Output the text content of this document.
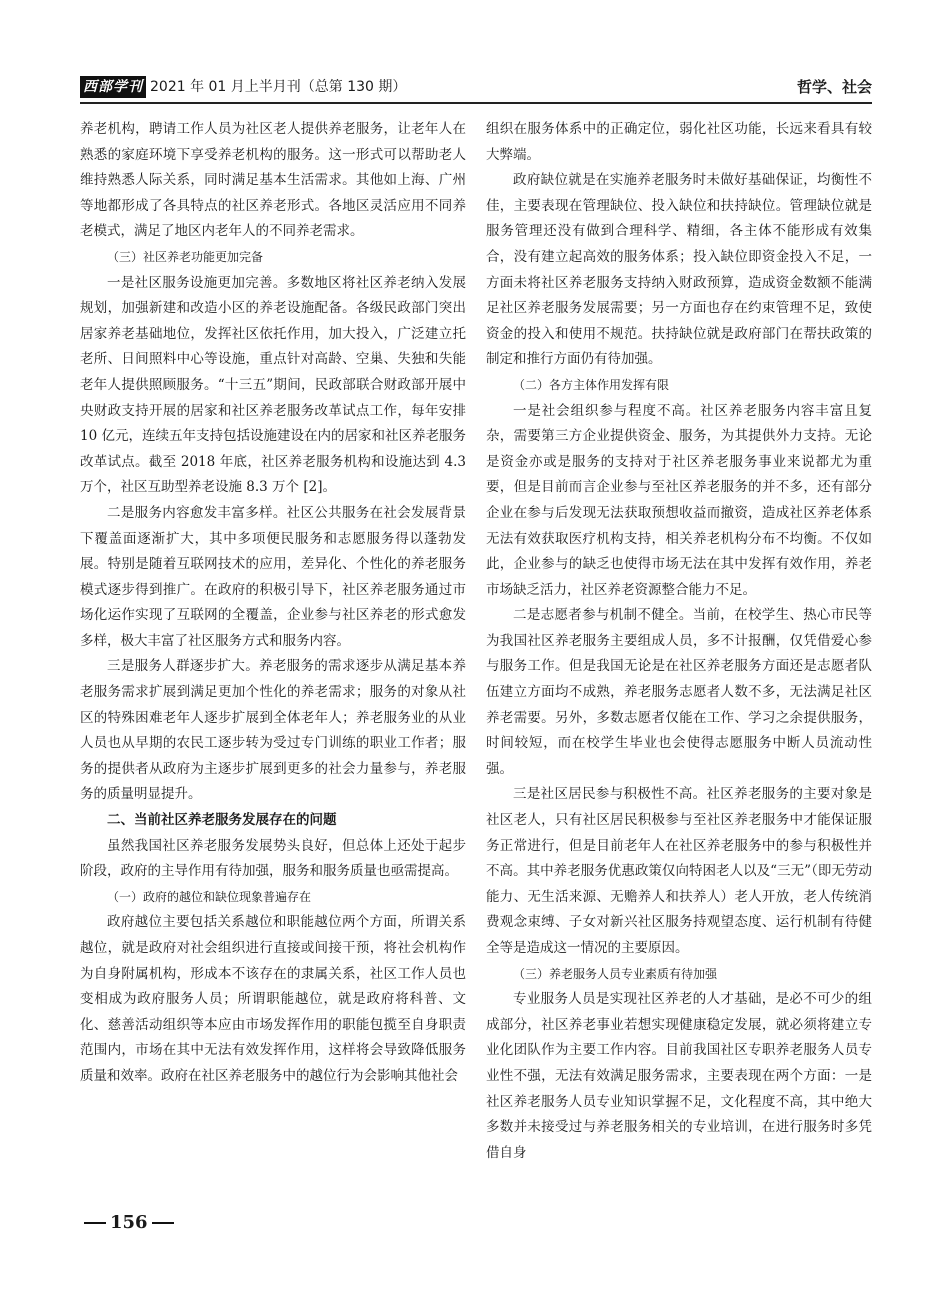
西部学刊 2021 年 01 月上半月刊（总第 130 期）	哲学、社会

养老机构，聘请工作人员为社区老人提供养老服务，让老年人在熟悉的家庭环境下享受养老机构的服务。这一形式可以帮助老人维持熟悉人际关系，同时满足基本生活需求。其他如上海、广州等地都形成了各具特点的社区养老形式。各地区灵活应用不同养老模式，满足了地区内老年人的不同养老需求。

（三）社区养老功能更加完备

一是社区服务设施更加完善。多数地区将社区养老纳入发展规划，加强新建和改造小区的养老设施配备。各级民政部门突出居家养老基础地位，发挥社区依托作用，加大投入，广泛建立托老所、日间照料中心等设施，重点针对高龄、空巢、失独和失能老年人提供照顾服务。“十三五”期间，民政部联合财政部开展中央财政支持开展的居家和社区养老服务改革试点工作，每年安排 10 亿元，连续五年支持包括设施建设在内的居家和社区养老服务改革试点。截至 2018 年底，社区养老服务机构和设施达到 4.3 万个，社区互助型养老设施 8.3 万个 [2]。

二是服务内容愈发丰富多样。社区公共服务在社会发展背景下覆盖面逐渐扩大，其中多项便民服务和志愿服务得以蓬勃发展。特别是随着互联网技术的应用，差异化、个性化的养老服务模式逐步得到推广。在政府的积极引导下，社区养老服务通过市场化运作实现了互联网的全覆盖，企业参与社区养老的形式愈发多样，极大丰富了社区服务方式和服务内容。

三是服务人群逐步扩大。养老服务的需求逐步从满足基本养老服务需求扩展到满足更加个性化的养老需求；服务的对象从社区的特殊困难老年人逐步扩展到全体老年人；养老服务业的从业人员也从早期的农民工逐步转为受过专门训练的职业工作者；服务的提供者从政府为主逐步扩展到更多的社会力量参与，养老服务的质量明显提升。

二、当前社区养老服务发展存在的问题

虽然我国社区养老服务发展势头良好，但总体上还处于起步阶段，政府的主导作用有待加强，服务和服务质量也亟需提高。

（一）政府的越位和缺位现象普遍存在

政府越位主要包括关系越位和职能越位两个方面，所谓关系越位，就是政府对社会组织进行直接或间接干预，将社会机构作为自身附属机构，形成本不该存在的隶属关系，社区工作人员也变相成为政府服务人员；所谓职能越位，就是政府将科普、文化、慈善活动组织等本应由市场发挥作用的职能包揽至自身职责范围内，市场在其中无法有效发挥作用，这样将会导致降低服务质量和效率。政府在社区养老服务中的越位行为会影响其他社会

组织在服务体系中的正确定位，弱化社区功能，长远来看具有较大弊端。

政府缺位就是在实施养老服务时未做好基础保证，均衡性不佳，主要表现在管理缺位、投入缺位和扶持缺位。管理缺位就是服务管理还没有做到合理科学、精细，各主体不能形成有效集合，没有建立起高效的服务体系；投入缺位即资金投入不足，一方面未将社区养老服务支持纳入财政预算，造成资金数额不能满足社区养老服务发展需要；另一方面也存在约束管理不足，致使资金的投入和使用不规范。扶持缺位就是政府部门在帮扶政策的制定和推行方面仍有待加强。

（二）各方主体作用发挥有限

一是社会组织参与程度不高。社区养老服务内容丰富且复杂，需要第三方企业提供资金、服务，为其提供外力支持。无论是资金亦或是服务的支持对于社区养老服务事业来说都尤为重要，但是目前而言企业参与至社区养老服务的并不多，还有部分企业在参与后发现无法获取预想收益而撤资，造成社区养老体系无法有效获取医疗机构支持，相关养老机构分布不均衡。不仅如此，企业参与的缺乏也使得市场无法在其中发挥有效作用，养老市场缺乏活力，社区养老资源整合能力不足。

二是志愿者参与机制不健全。当前，在校学生、热心市民等为我国社区养老服务主要组成人员，多不计报酬，仅凭借爱心参与服务工作。但是我国无论是在社区养老服务方面还是志愿者队伍建立方面均不成熟，养老服务志愿者人数不多，无法满足社区养老需要。另外，多数志愿者仅能在工作、学习之余提供服务，时间较短，而在校学生毕业也会使得志愿服务中断人员流动性强。

三是社区居民参与积极性不高。社区养老服务的主要对象是社区老人，只有社区居民积极参与至社区养老服务中才能保证服务正常进行，但是目前老年人在社区养老服务中的参与积极性并不高。其中养老服务优惠政策仅向特困老人以及“三无”（即无劳动能力、无生活来源、无赡养人和扶养人）老人开放，老人传统消费观念束缚、子女对新兴社区服务持观望态度、运行机制有待健全等是造成这一情况的主要原因。

（三）养老服务人员专业素质有待加强

专业服务人员是实现社区养老的人才基础，是必不可少的组成部分，社区养老事业若想实现健康稳定发展，就必须将建立专业化团队作为主要工作内容。目前我国社区专职养老服务人员专业性不强，无法有效满足服务需求，主要表现在两个方面：一是社区养老服务人员专业知识掌握不足，文化程度不高，其中绝大多数并未接受过与养老服务相关的专业培训，在进行服务时多凭借自身

156
